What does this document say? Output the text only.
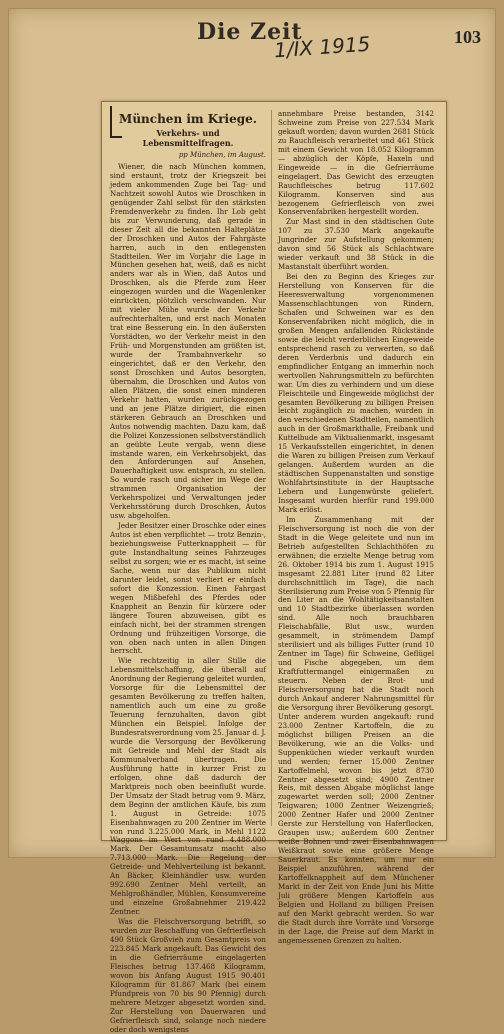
Die Zeit
1/IX 1915	103
München im Kriege.
Verkehrs- und Lebensmittelfragen.
pp München, im August.

Wiener, die nach München kommen, sind erstaunt, trotz der Kriegszeit bei jedem ankommenden Zuge bei Tag- und Nachtzeit sowohl Autos wie Droschken in genügender Zahl selbst für den stärksten Fremdenverkehr zu finden. Ihr Lob geht bis zur Verwunderung, daß gerade in dieser Zeit all die bekannten Halteplätze der Droschken und Autos der Fahrgäste harren, auch in den entlegensten Stadtteilen. Wer im Vorjahr die Lage in München gesehen hat, weiß, daß es nicht anders war als in Wien, daß Autos und Droschken, als die Pferde zum Heer eingezogen wurden und die Wagenlenker einrückten, plötzlich verschwanden. Nur mit vieler Mühe wurde der Verkehr aufrechterhalten, und erst nach Monaten trat eine Besserung ein. In den äußersten Vorstädten, wo der Verkehr meist in den Früh- und Morgenstunden am größten ist, wurde der Trambahnverkehr so eingerichtet, daß er den Verkehr, den sonst Droschken und Autos besorgten, übernahm, die Droschken und Autos von allen Plätzen, die sonst einen minderen Verkehr hatten, wurden zurückgezogen und an jene Plätze dirigiert, die einen stärkeren Gebrauch an Droschken und Autos notwendig machten. Dazu kam, daß die Polizei Konzessionen selbstverständlich an geübte Leute vergab, wenn diese imstande waren, ein Verkehrsobjekt, das den Anforderungen auf Ansehen, Dauerhaftigkeit usw. entsprach, zu stellen. So wurde rasch und sicher im Wege der strammen Organisation der Verkehrspolizei und Verwaltungen jeder Verkehrsstörung durch Droschken, Autos usw. abgeholfen.

Jeder Besitzer einer Droschke oder eines Autos ist eben verpflichtet — trotz Benzin-, beziehungsweise Futterknappheit — für gute Instandhaltung seines Fahrzeuges selbst zu sorgen; wie er es macht, ist seine Sache, wenn nur das Publikum nicht darunter leidet, sonst verliert er einfach sofort die Konzession. Einen Fahrgast wegen Mißbefehl des Pferdes oder Knappheit an Benzin für kürzere oder längere Touren abzuweisen, gibt es einfach nicht, bei der strammen strengen Ordnung und frühzeitigen Vorsorge, die von oben nach unten in allen Dingen herrscht.

Wie rechtzeitig in aller Stille die Lebensmittelschaffung, die überall auf Anordnung der Regierung geleitet wurden, Vorsorge für die Lebensmittel der gesamten Bevölkerung zu treffen halten, namentlich auch um eine zu große Teuerung fernzuhalten, davon gibt München ein Beispiel. Infolge der Bundesratsverordnung vom 25. Januar d. J. wurde die Versorgung der Bevölkerung mit Getreide und Mehl der Stadt als Kommunalverband übertragen. Die Ausführung hatte in kurzer Frist zu erfolgen, ohne daß dadurch der Marktpreis noch oben beeinflußt wurde. Der Umsatz der Stadt betrug vom 9. März, dem Beginn der amtlichen Käufe, bis zum 1. August in Getreide: 1075 Eisenbahnwagen zu 200 Zentner im Werte von rund 3.225.000 Mark, in Mehl 1122 Waggons im Wert von rund 4.488.000 Mark. Der Gesamtumsatz macht also 7.713.000 Mark. Die Regelung der Getreide- und Mehlverteilung ist bekannt. An Bäcker, Kleinhändler usw. wurden 992.690 Zentner Mehl verteilt, an Mehlgroßhändler, Mühlen, Konsumvereine und einzelne Großabnehmer 219.422 Zentner.

Was die Fleischversorgung betrifft, so wurden zur Beschaffung von Gefrierfleisch 490 Stück Großvieh zum Gesamtpreis von 223.845 Mark angekauft. Das Gewicht des in die Gefrierräume eingelagerten Fleisches betrug 137.468 Kilogramm, wovon bis Anfang August 1915 90.401 Kilogramm für 81.867 Mark (bei einem Pfundpreis von 70 bis 90 Pfennig) durch mehrere Metzger abgesetzt worden sind. Zur Herstellung von Dauerwaren und Gefrierfleisch sind, solange noch niedere oder doch wenigstens

annehmbare Preise bestanden, 3142 Schweine zum Preise von 227.534 Mark gekauft worden; davon wurden 2681 Stück zu Rauchfleisch verarbeitet und 461 Stück mit einem Gewicht von 18.052 Kilogramm — abzüglich der Köpfe, Haxeln und Eingeweide — in die Gefrierräume eingelagert. Das Gewicht des erzeugten Rauchfleisches betrug 117.602 Kilogramm. Konserven sind aus bezogenem Gefrierfleisch von zwei Konservenfabriken hergestellt worden.

Zur Mast sind in den städtischen Gute 107 zu 37.530 Mark angekaufte Jungrinder zur Aufstellung gekommen; davon sind 56 Stück als Schlachtware wieder verkauft und 38 Stück in die Mastanstalt überführt worden.

Bei den zu Beginn des Krieges zur Herstellung von Konserven für die Heeresverwaltung vorgenommenen Massenschlachtungen von Rindern, Schafen und Schweinen war es den Konservenfabriken nicht möglich, die in großen Mengen anfallenden Rückstände sowie die leicht verderblichen Eingeweide entsprechend rasch zu verwerten, so daß deren Verderbnis und dadurch ein empfindlicher Entgang an immerhin noch wertvollen Nahrungsmitteln zu befürchten war. Um dies zu verhindern und um diese Fleischteile und Eingeweide möglichst der gesamten Bevölkerung zu billigen Preisen leicht zugänglich zu machen, wurden in den verschiedenen Stadtteilen, namentlich auch in der Großmarkthalle, Freibank und Kuttelbude am Viktualienmarkt, insgesamt 15 Verkaufsstellen eingerichtet, in denen die Waren zu billigen Preisen zum Verkauf gelangen. Außerdem wurden an die städtischen Suppenanstalten und sonstige Wohlfahrtsinstitute in der Hauptsache Lebern und Lungenwürste geliefert. Insgesamt wurden hierfür rund 199.000 Mark erlöst.

Im Zusammenhang mit der Fleischversorgung ist noch die von der Stadt in die Wege geleitete und nun im Betrieb aufgestellten Schlachthöfen zu erwähnen; die erzielte Menge betrug vom 26. Oktober 1914 bis zum 1. August 1915 insgesamt 22.881 Liter (rund 82 Liter durchschnittlich im Tage), die nach Sterilisierung zum Preise von 5 Pfennig für den Liter an die Wohltätigkeitsanstalten und 10 Stadtbezirke überlassen worden sind. Alle noch brauchbaren Fleischabfälle, Blut usw., wurden gesammelt, in strömendem Dampf sterilisiert und als billiges Futter (rund 10 Zentner im Tage) für Schweine, Geflügel und Fische abgegeben, um dem Kraftfuttermangel einigermaßen zu steuern. Neben der Brot- und Fleischversorgung hat die Stadt noch durch Ankauf anderer Nahrungsmittel für die Versorgung ihrer Bevölkerung gesorgt. Unter anderem wurden angekauft: rund 23.000 Zentner Kartoffeln, die zu möglichst billigen Preisen an die Bevölkerung, wie an die Volks- und Suppenküchen wieder verkauft wurden und werden; ferner 15.000 Zentner Kartoffelmehl, wovon bis jetzt 8730 Zentner abgesetzt sind; 4900 Zentner Reis, mit dessen Abgabe möglichst lange zugewartet werden soll; 2000 Zentner Teigwaren; 1000 Zentner Weizengrieß; 2000 Zentner Hafer und 2000 Zentner Gerste zur Herstellung von Haferflocken, Graupen usw.; außerdem 600 Zentner weiße Bohnen und zwei Eisenbahnwagen Weißkraut sowie eine größere Menge Sauerkraut. Es konnten, um nur ein Beispiel anzuführen, während der Kartoffelknappheit auf dem Münchener Markt in der Zeit von Ende Juni bis Mitte Juli größere Mengen Kartoffeln aus Belgien und Holland zu billigen Preisen auf den Markt gebracht werden. So war die Stadt durch ihre Vorräte und Vorsorge in der Lage, die Preise auf dem Markt in angemessenen Grenzen zu halten.
